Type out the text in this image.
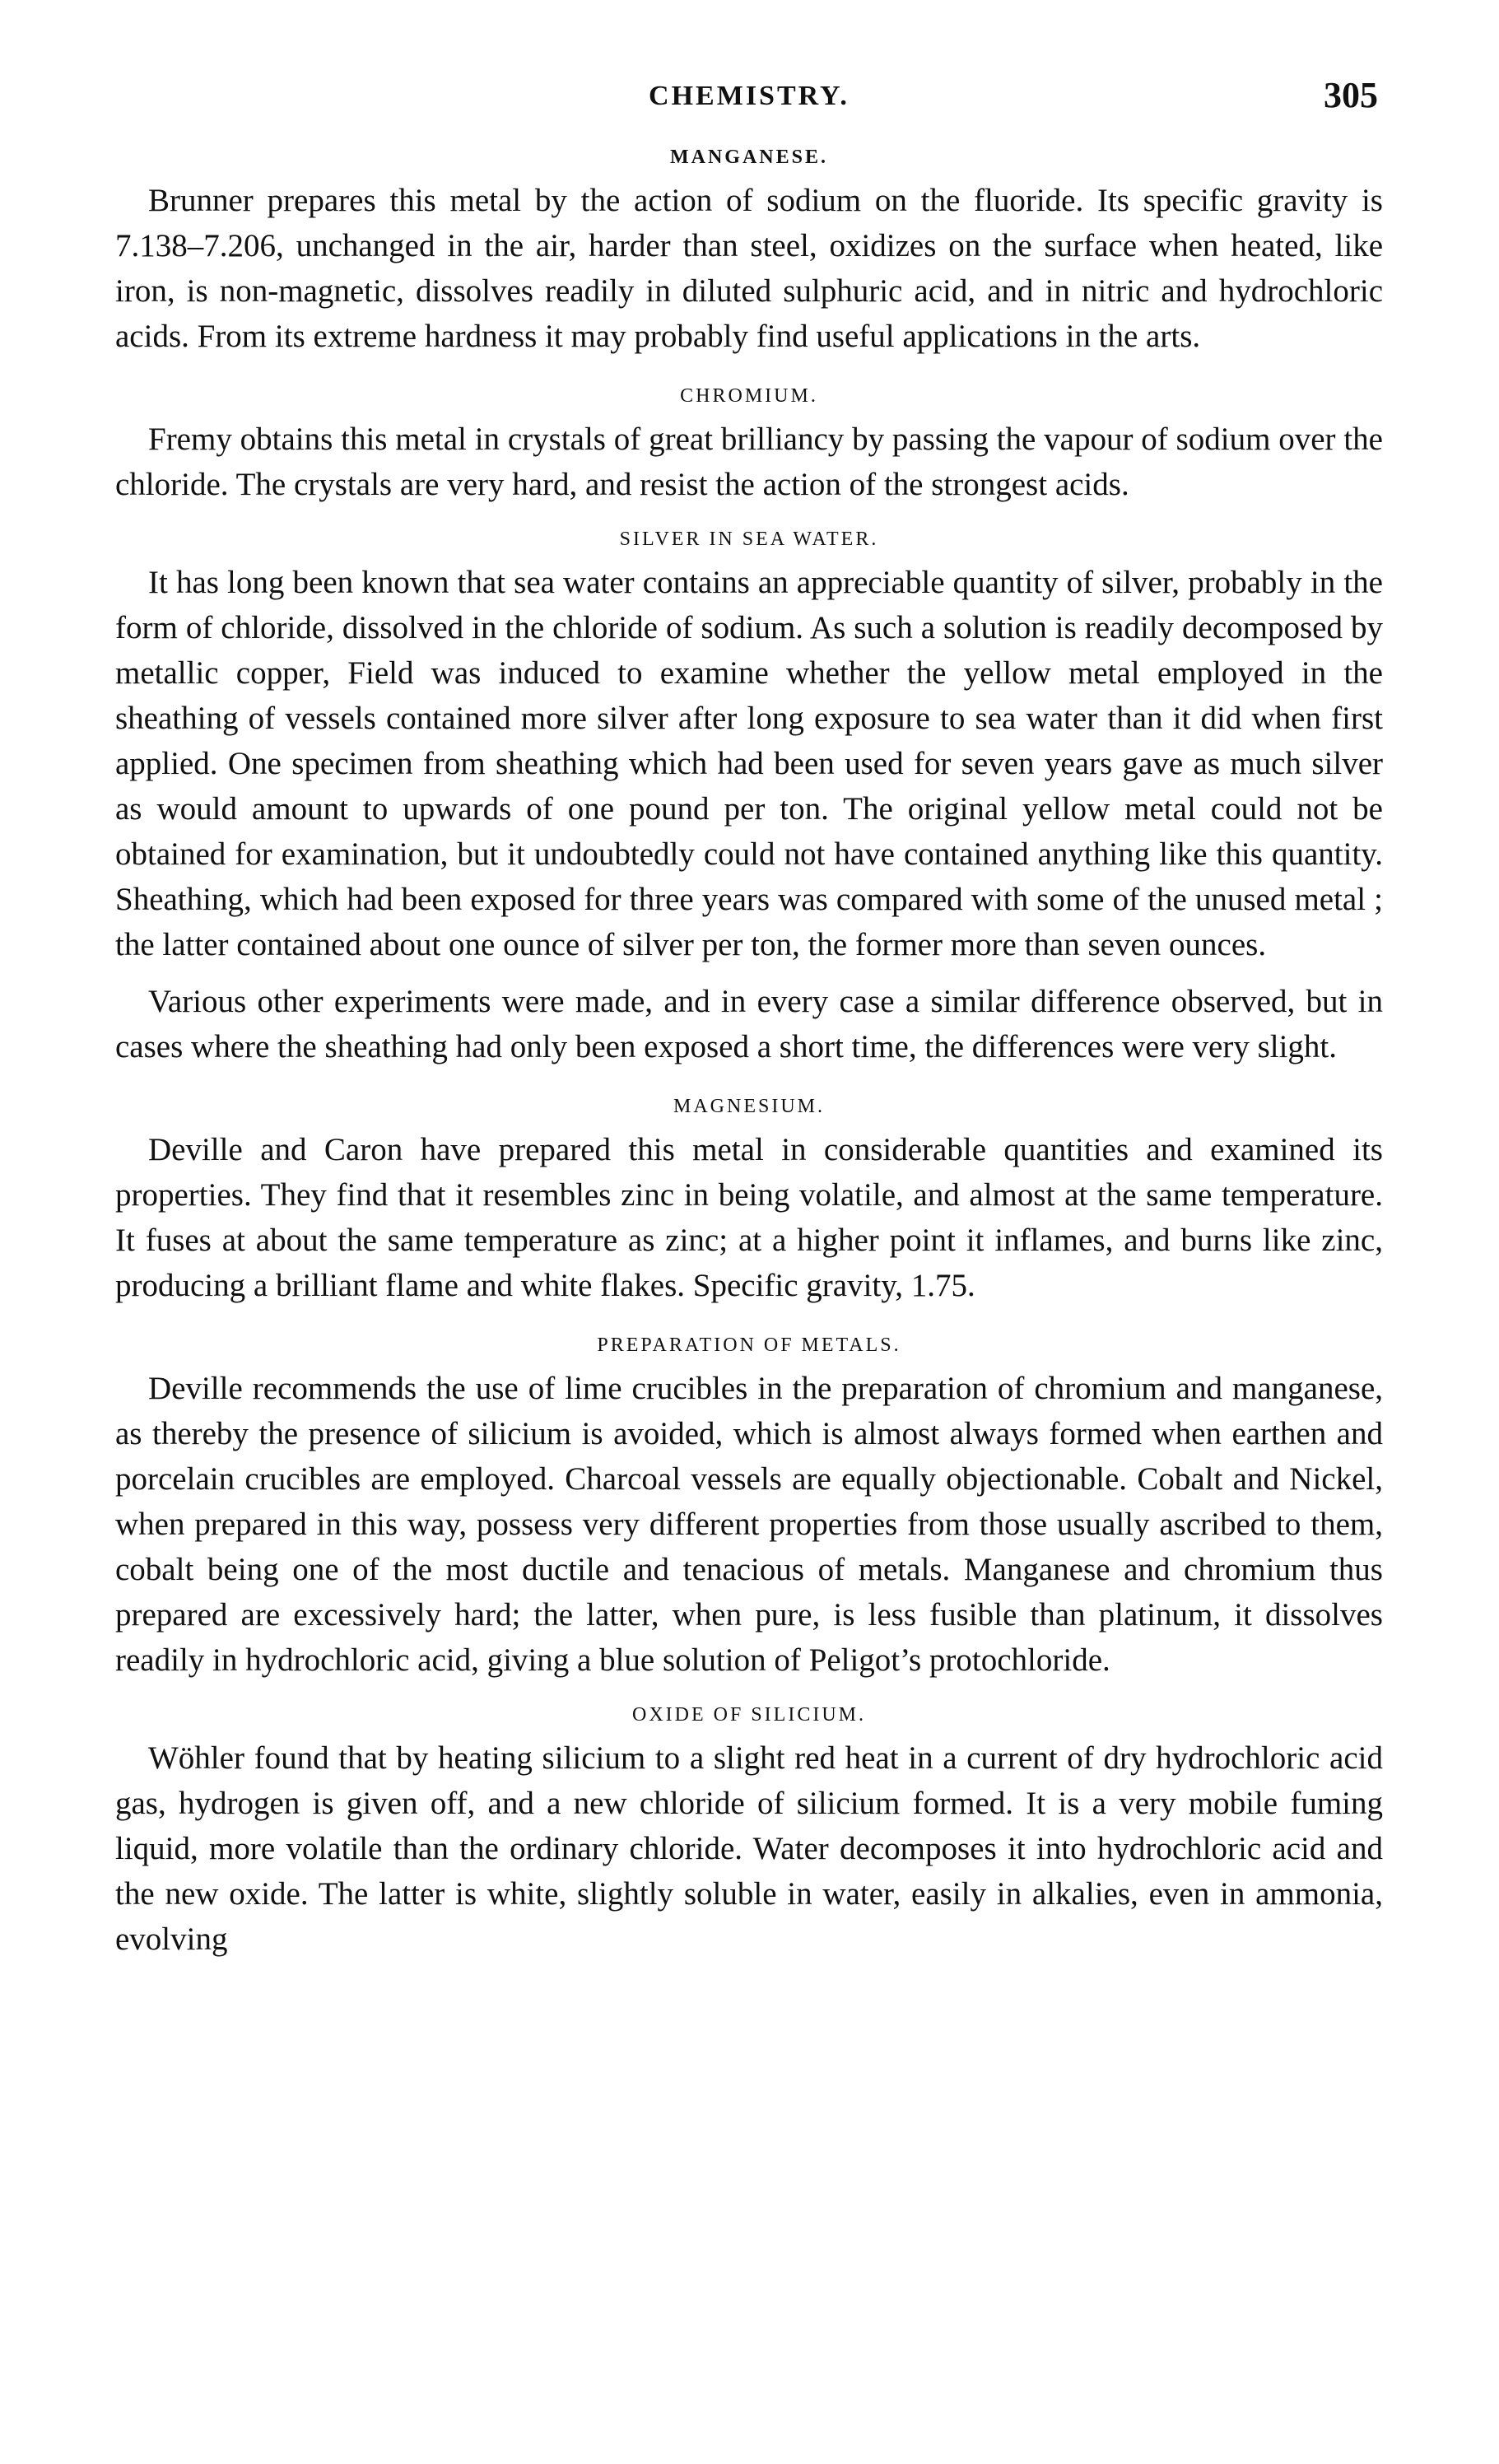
CHEMISTRY.	305
MANGANESE.

Brunner prepares this metal by the action of sodium on the fluoride. Its specific gravity is 7.138–7.206, unchanged in the air, harder than steel, oxidizes on the surface when heated, like iron, is non-magnetic, dissolves readily in diluted sulphuric acid, and in nitric and hydrochloric acids. From its extreme hardness it may probably find useful applications in the arts.

CHROMIUM.

Fremy obtains this metal in crystals of great brilliancy by passing the vapour of sodium over the chloride. The crystals are very hard, and resist the action of the strongest acids.

SILVER IN SEA WATER.

It has long been known that sea water contains an appreciable quantity of silver, probably in the form of chloride, dissolved in the chloride of sodium. As such a solution is readily decomposed by metallic copper, Field was induced to examine whether the yellow metal employed in the sheathing of vessels contained more silver after long exposure to sea water than it did when first applied. One specimen from sheathing which had been used for seven years gave as much silver as would amount to upwards of one pound per ton. The original yellow metal could not be obtained for examination, but it undoubtedly could not have contained anything like this quantity. Sheathing, which had been exposed for three years was compared with some of the unused metal ; the latter contained about one ounce of silver per ton, the former more than seven ounces.

Various other experiments were made, and in every case a similar difference observed, but in cases where the sheathing had only been exposed a short time, the differences were very slight.

MAGNESIUM.

Deville and Caron have prepared this metal in considerable quantities and examined its properties. They find that it resembles zinc in being volatile, and almost at the same temperature. It fuses at about the same temperature as zinc; at a higher point it inflames, and burns like zinc, producing a brilliant flame and white flakes. Specific gravity, 1.75.

PREPARATION OF METALS.

Deville recommends the use of lime crucibles in the preparation of chromium and manganese, as thereby the presence of silicium is avoided, which is almost always formed when earthen and porcelain crucibles are employed. Charcoal vessels are equally objectionable. Cobalt and Nickel, when prepared in this way, possess very different properties from those usually ascribed to them, cobalt being one of the most ductile and tenacious of metals. Manganese and chromium thus prepared are excessively hard; the latter, when pure, is less fusible than platinum, it dissolves readily in hydrochloric acid, giving a blue solution of Peligot’s protochloride.

OXIDE OF SILICIUM.

Wöhler found that by heating silicium to a slight red heat in a current of dry hydrochloric acid gas, hydrogen is given off, and a new chloride of silicium formed. It is a very mobile fuming liquid, more volatile than the ordinary chloride. Water decomposes it into hydrochloric acid and the new oxide. The latter is white, slightly soluble in water, easily in alkalies, even in ammonia, evolving
